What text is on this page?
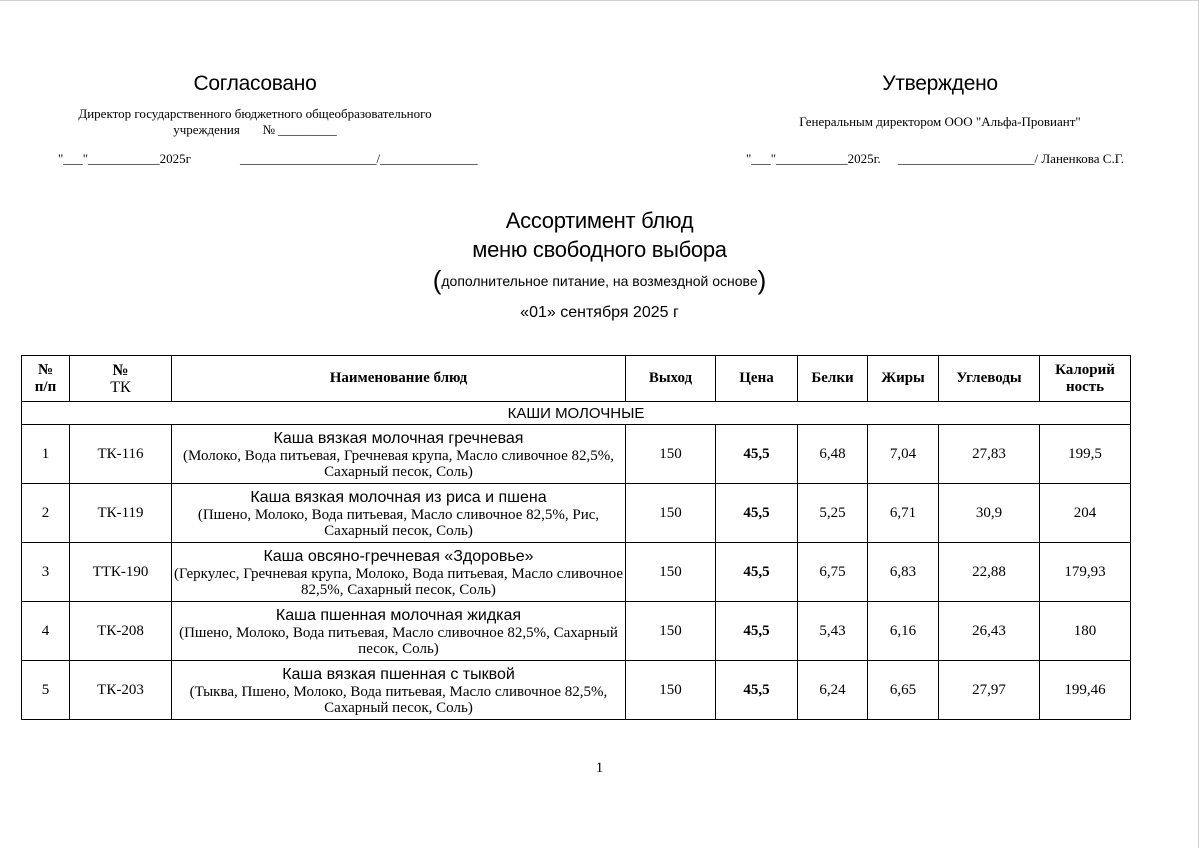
Согласовано
Директор государственного бюджетного общеобразовательного
учреждения       № _________
"___"___________2025г	_____________________/_______________
Утверждено
Генеральным директором ООО "Альфа-Провиант"
"___"___________2025г. _____________________/ Ланенкова С.Г.
Ассортимент блюд
меню свободного выбора
(дополнительное питание, на возмездной основе)
«01» сентября 2025 г
№
п/п	№
ТК	Наименование блюд	Выход	Цена	Белки	Жиры	Углеводы	Калорий
ность
КАШИ МОЛОЧНЫЕ								
1	ТК-116	Каша вязкая молочная гречневая
(Молоко, Вода питьевая, Гречневая крупа, Масло сливочное 82,5%, Сахарный песок, Соль)	150	45,5	6,48	7,04	27,83	199,5
2	ТК-119	Каша вязкая молочная из риса и пшена
(Пшено, Молоко, Вода питьевая, Масло сливочное 82,5%, Рис, Сахарный песок, Соль)	150	45,5	5,25	6,71	30,9	204
3	ТТК-190	Каша овсяно-гречневая «Здоровье»
(Геркулес, Гречневая крупа, Молоко, Вода питьевая, Масло сливочное 82,5%, Сахарный песок, Соль)	150	45,5	6,75	6,83	22,88	179,93
4	ТК-208	Каша пшенная молочная жидкая
(Пшено, Молоко, Вода питьевая, Масло сливочное 82,5%, Сахарный песок, Соль)	150	45,5	5,43	6,16	26,43	180
5	ТК-203	Каша вязкая пшенная с тыквой
(Тыква, Пшено, Молоко, Вода питьевая, Масло сливочное 82,5%, Сахарный песок, Соль)	150	45,5	6,24	6,65	27,97	199,46
1
